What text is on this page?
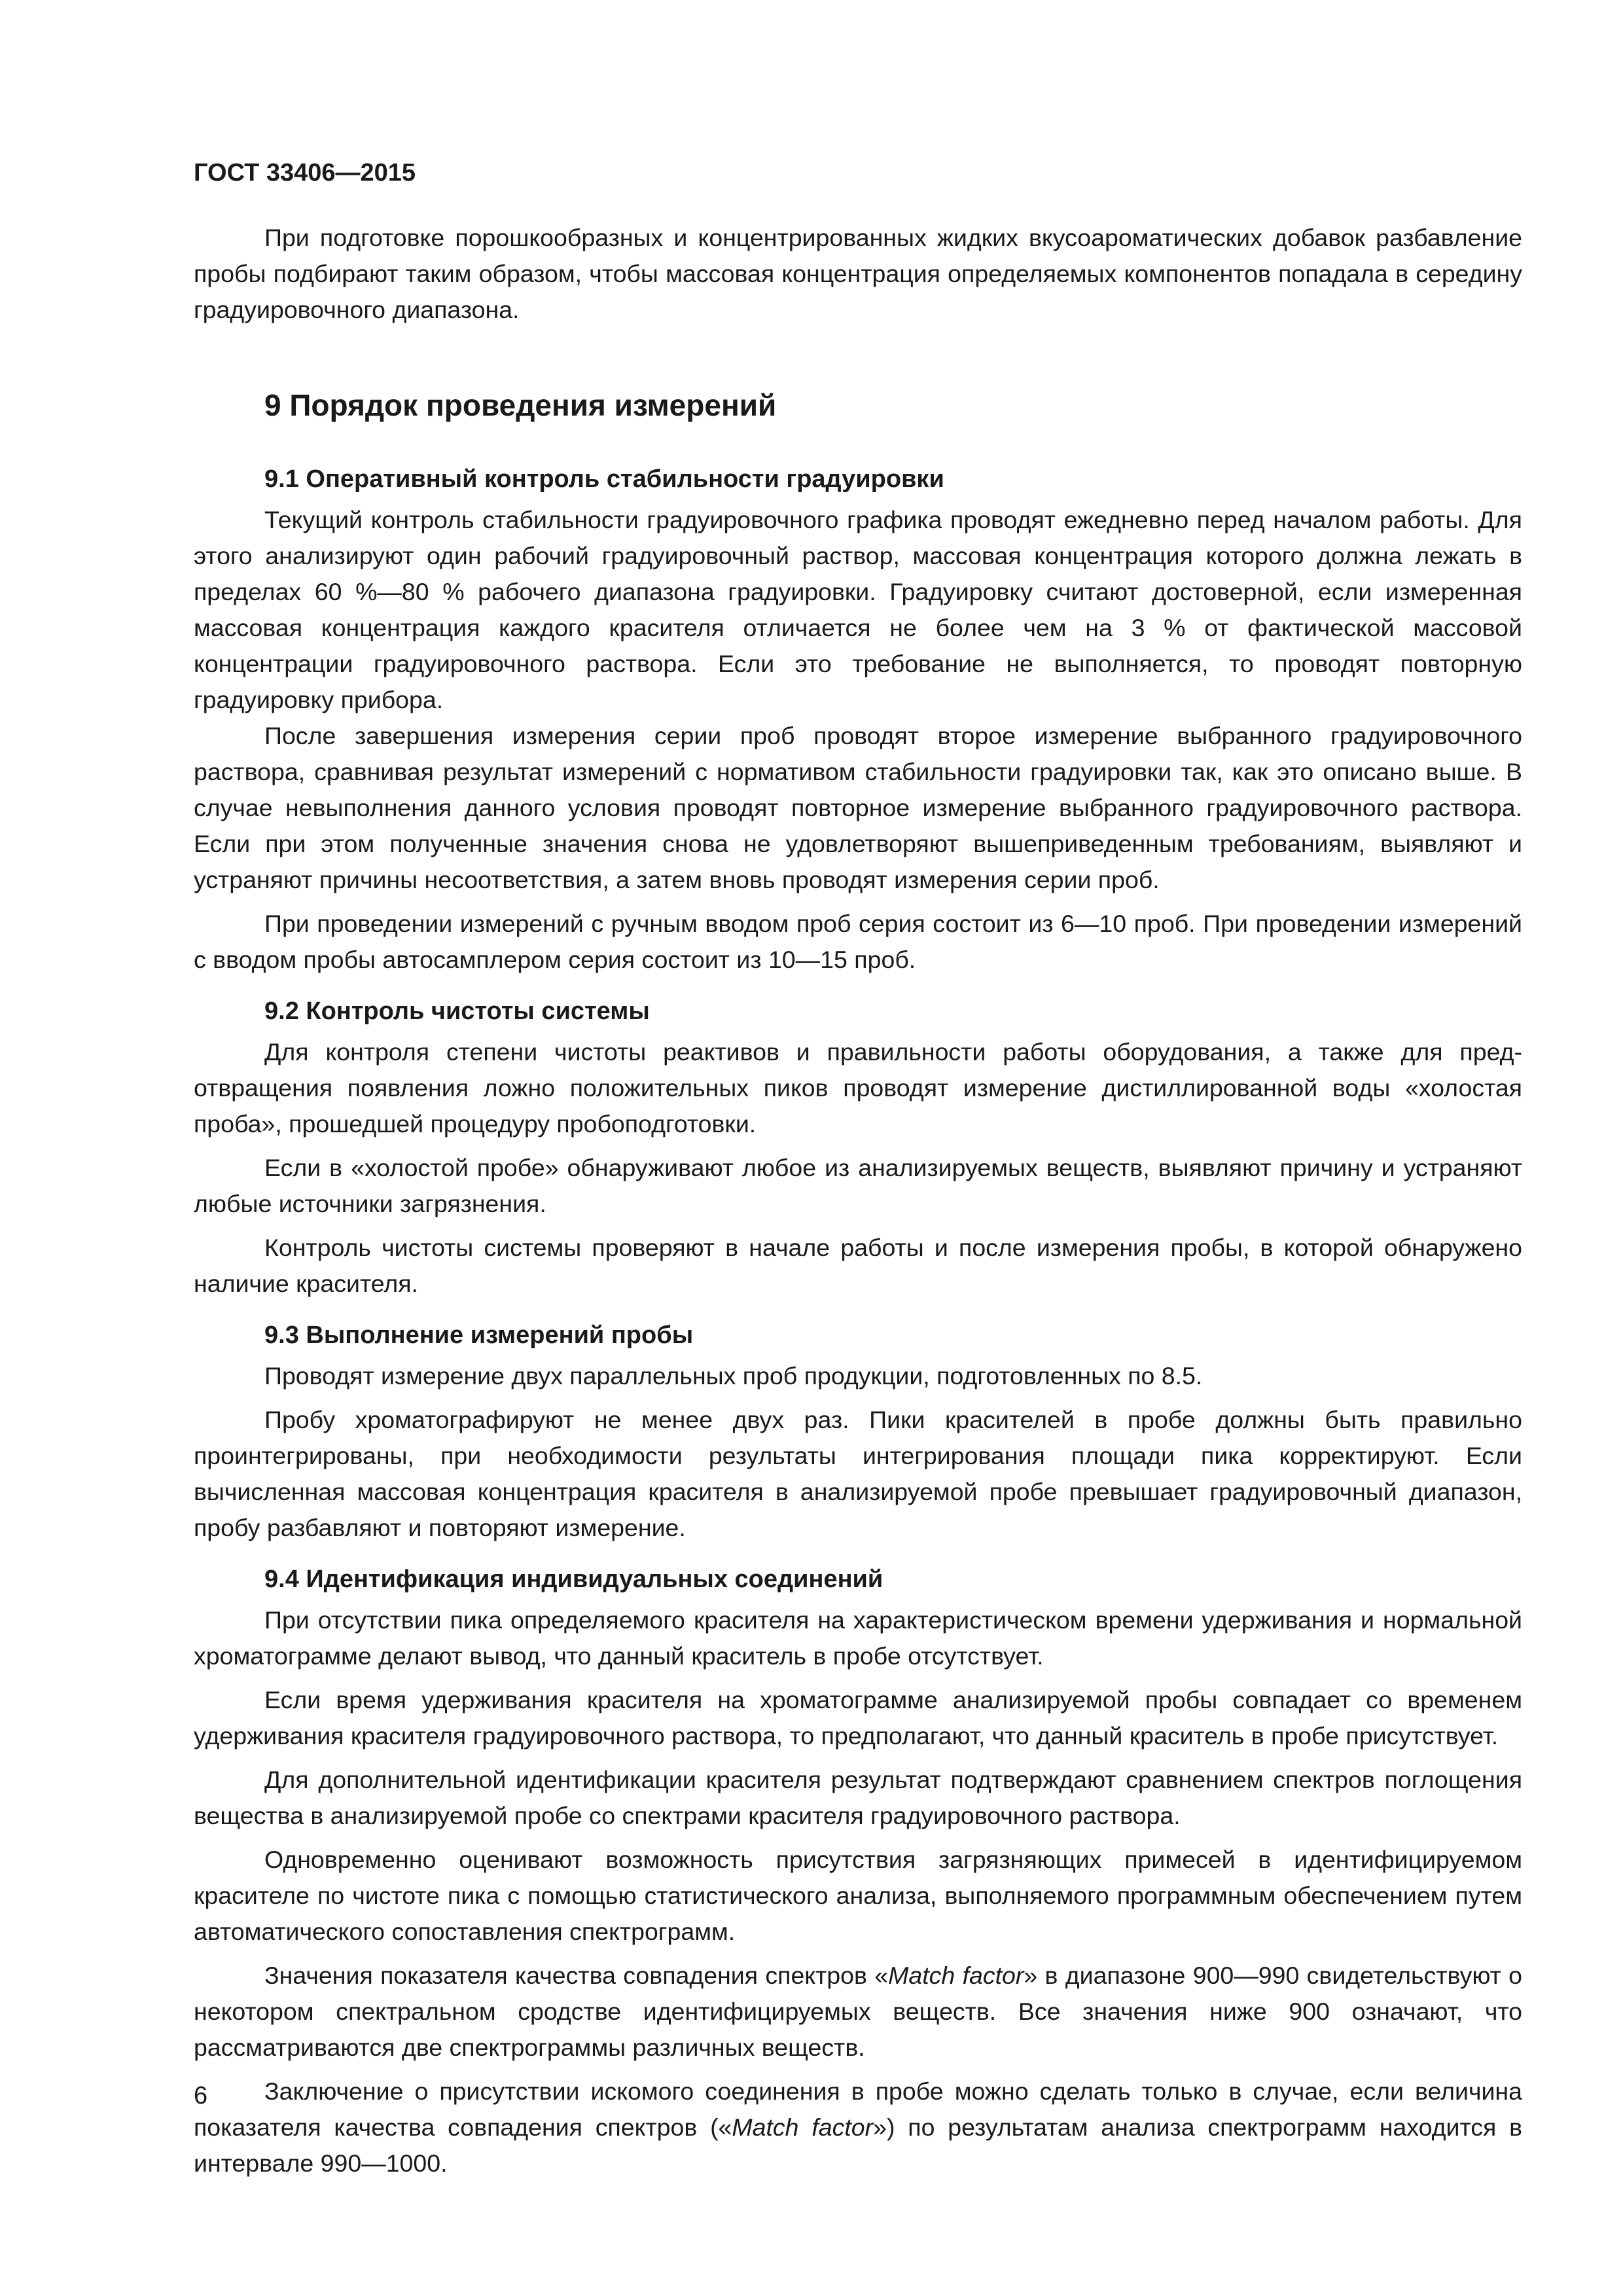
ГОСТ 33406—2015

При подготовке порошкообразных и концентрированных жидких вкусоароматических добавок разбавление пробы подбирают таким образом, чтобы массовая концентрация определяемых компонентов попадала в середину градуировочного диапазона.

9 Порядок проведения измерений
9.1 Оперативный контроль стабильности градуировки

Текущий контроль стабильности градуировочного графика проводят ежедневно перед началом работы. Для этого анализируют один рабочий градуировочный раствор, массовая концентрация которого должна лежать в пределах 60 %—80 % рабочего диапазона градуировки. Градуировку считают достоверной, если измеренная массовая концентрация каждого красителя отличается не более чем на 3 % от фактической массовой концентрации градуировочного раствора. Если это требование не выполняется, то проводят повторную градуировку прибора.

После завершения измерения серии проб проводят второе измерение выбранного градуировочного раствора, сравнивая результат измерений с нормативом стабильности градуировки так, как это описано выше. В случае невыполнения данного условия проводят повторное измерение выбранного градуировочного раствора. Если при этом полученные значения снова не удовлетворяют вышеприведенным требованиям, выявляют и устраняют причины несоответствия, а затем вновь проводят измерения серии проб.

При проведении измерений с ручным вводом проб серия состоит из 6—10 проб. При проведении измерений с вводом пробы автосамплером серия состоит из 10—15 проб.

9.2 Контроль чистоты системы

Для контроля степени чистоты реактивов и правильности работы оборудования, а также для предотвращения появления ложно положительных пиков проводят измерение дистиллированной воды «холостая проба», прошедшей процедуру пробоподготовки.

Если в «холостой пробе» обнаруживают любое из анализируемых веществ, выявляют причину и устраняют любые источники загрязнения.

Контроль чистоты системы проверяют в начале работы и после измерения пробы, в которой обнаружено наличие красителя.

9.3 Выполнение измерений пробы

Проводят измерение двух параллельных проб продукции, подготовленных по 8.5.

Пробу хроматографируют не менее двух раз. Пики красителей в пробе должны быть правильно проинтегрированы, при необходимости результаты интегрирования площади пика корректируют. Если вычисленная массовая концентрация красителя в анализируемой пробе превышает градуировочный диапазон, пробу разбавляют и повторяют измерение.

9.4 Идентификация индивидуальных соединений

При отсутствии пика определяемого красителя на характеристическом времени удерживания и нормальной хроматограмме делают вывод, что данный краситель в пробе отсутствует.

Если время удерживания красителя на хроматограмме анализируемой пробы совпадает со временем удерживания красителя градуировочного раствора, то предполагают, что данный краситель в пробе присутствует.

Для дополнительной идентификации красителя результат подтверждают сравнением спектров поглощения вещества в анализируемой пробе со спектрами красителя градуировочного раствора.

Одновременно оценивают возможность присутствия загрязняющих примесей в идентифицируемом красителе по чистоте пика с помощью статистического анализа, выполняемого программным обеспечением путем автоматического сопоставления спектрограмм.

Значения показателя качества совпадения спектров «Match factor» в диапазоне 900—990 свидетельствуют о некотором спектральном сродстве идентифицируемых веществ. Все значения ниже 900 означают, что рассматриваются две спектрограммы различных веществ.

Заключение о присутствии искомого соединения в пробе можно сделать только в случае, если величина показателя качества совпадения спектров («Match factor») по результатам анализа спектрограмм находится в интервале 990—1000.

6
